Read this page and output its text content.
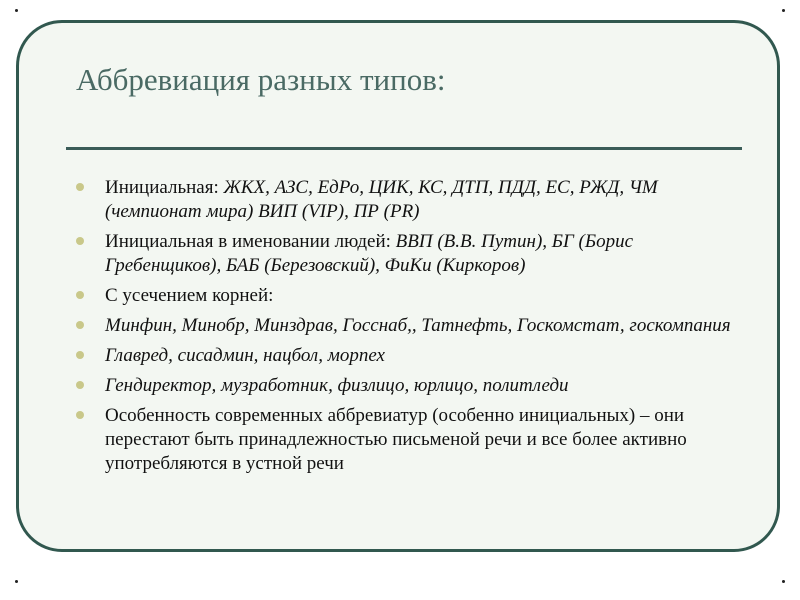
Аббревиация разных типов:
Инициальная: ЖКХ, АЗС, ЕдРо, ЦИК, КС, ДТП, ПДД, ЕС, РЖД, ЧМ (чемпионат мира) ВИП (VIP), ПР (PR)
Инициальная в именовании людей: ВВП (В.В. Путин), БГ (Борис Гребенщиков), БАБ (Березовский), ФиКи (Киркоров)
С усечением корней:
Минфин, Минобр, Минздрав, Госснаб,, Татнефть, Госкомстат, госкомпания
Главред, сисадмин, нацбол, морпех
Гендиректор, музработник, физлицо, юрлицо, политледи
Особенность современных аббревиатур (особенно инициальных) – они перестают быть принадлежностью письменой речи и все более активно употребляются в устной речи
